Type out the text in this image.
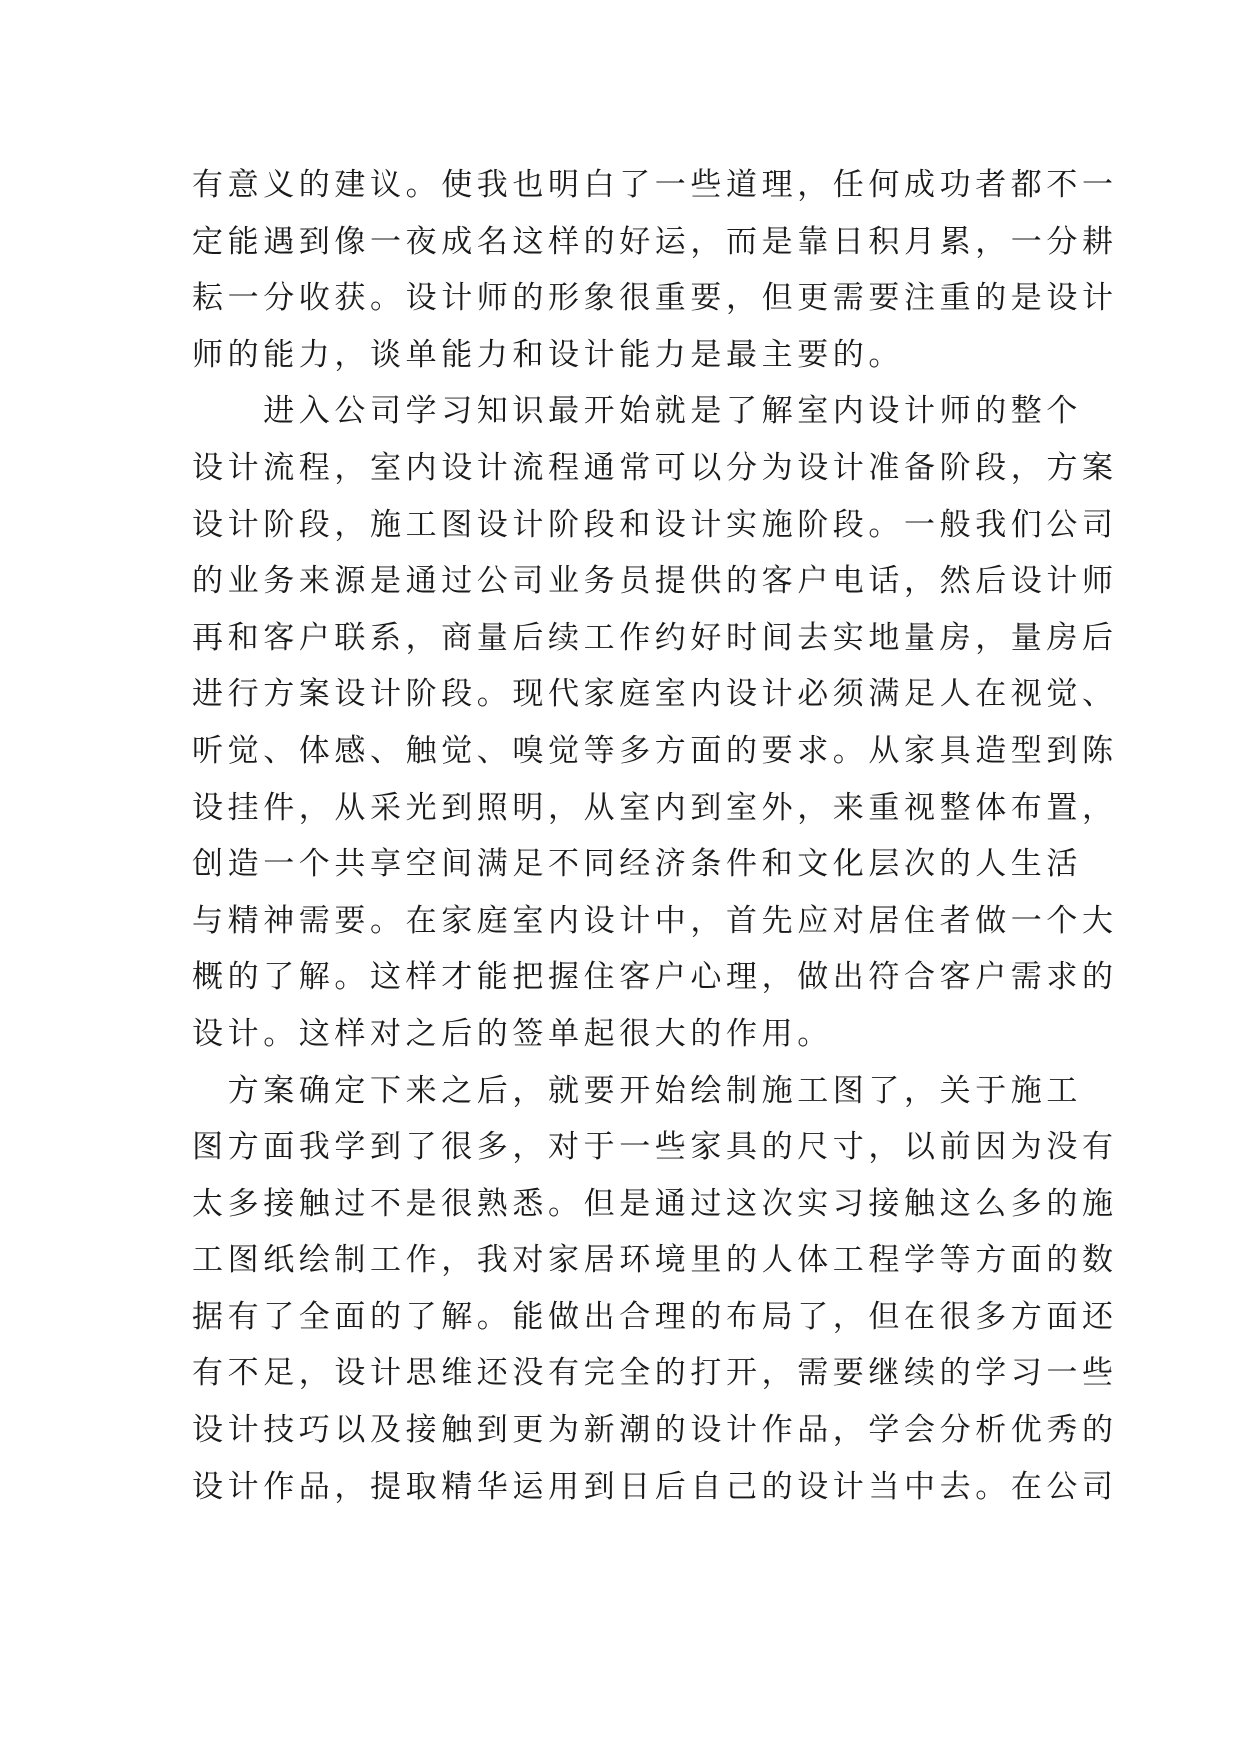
有意义的建议。使我也明白了一些道理，任何成功者都不一
定能遇到像一夜成名这样的好运，而是靠日积月累，一分耕
耘一分收获。设计师的形象很重要，但更需要注重的是设计
师的能力，谈单能力和设计能力是最主要的。
　　进入公司学习知识最开始就是了解室内设计师的整个
设计流程，室内设计流程通常可以分为设计准备阶段，方案
设计阶段，施工图设计阶段和设计实施阶段。一般我们公司
的业务来源是通过公司业务员提供的客户电话，然后设计师
再和客户联系，商量后续工作约好时间去实地量房，量房后
进行方案设计阶段。现代家庭室内设计必须满足人在视觉、
听觉、体感、触觉、嗅觉等多方面的要求。从家具造型到陈
设挂件，从采光到照明，从室内到室外，来重视整体布置，
创造一个共享空间满足不同经济条件和文化层次的人生活
与精神需要。在家庭室内设计中，首先应对居住者做一个大
概的了解。这样才能把握住客户心理，做出符合客户需求的
设计。这样对之后的签单起很大的作用。
　方案确定下来之后，就要开始绘制施工图了，关于施工
图方面我学到了很多，对于一些家具的尺寸，以前因为没有
太多接触过不是很熟悉。但是通过这次实习接触这么多的施
工图纸绘制工作，我对家居环境里的人体工程学等方面的数
据有了全面的了解。能做出合理的布局了，但在很多方面还
有不足，设计思维还没有完全的打开，需要继续的学习一些
设计技巧以及接触到更为新潮的设计作品，学会分析优秀的
设计作品，提取精华运用到日后自己的设计当中去。在公司
